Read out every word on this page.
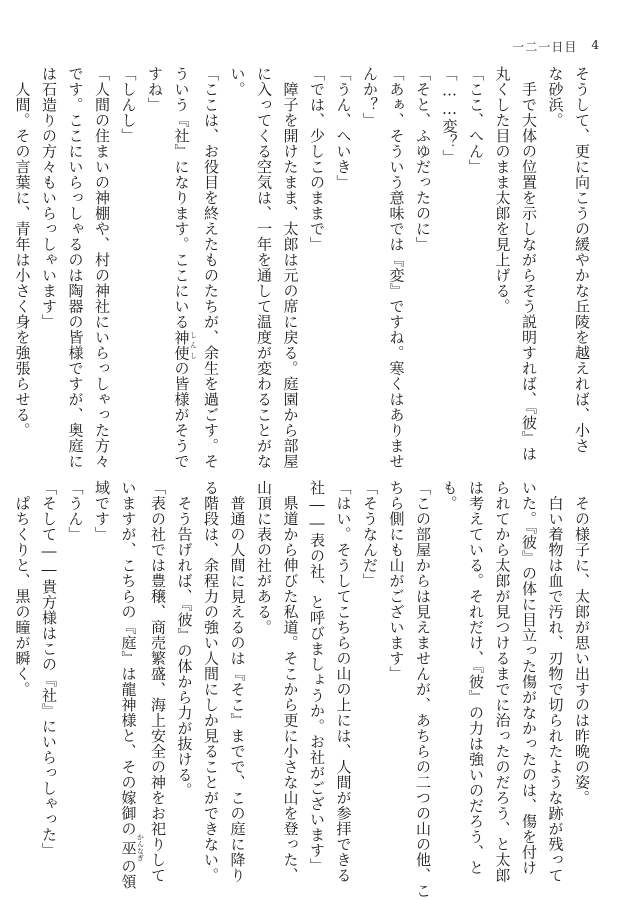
一二一日目 4
そうして、更に向こうの緩やかな丘陵を越えれば、小さ
な砂浜。
　手で大体の位置を示しながらそう説明すれば、『彼』は
丸くした目のまま太郎を見上げる。
「ここ、へん」
「……変？」
「そと、ふゆだったのに」
「あぁ、そういう意味では『変』ですね。寒くはありませ
んか？」
「うん、へいき」
「では、少しこのままで」
　障子を開けたまま、太郎は元の席に戻る。庭園から部屋
に入ってくる空気は、一年を通して温度が変わることがな
い。
「ここは、お役目を終えたものたちが、余生を過ごす。そ
ういう『社』になります。ここにいる神使 しんしの皆様がそうで
すね」
「しんし」
「人間の住まいの神棚や、村の神社にいらっしゃった方々
です。ここにいらっしゃるのは陶器の皆様ですが、奥庭に
は石造りの方々もいらっしゃいます」
　人間。その言葉に、青年は小さく身を強張らせる。
　その様子に、太郎が思い出すのは昨晩の姿。
　白い着物は血で汚れ、刃物で切られたような跡が残って
いた。『彼』の体に目立った傷がなかったのは、傷を付け
られてから太郎が見つけるまでに治ったのだろう、と太郎
は考えている。それだけ、『彼』の力は強いのだろう、と
も。
「この部屋からは見えませんが、あちらの二つの山の他、こ
ちら側にも山がございます」
「そうなんだ」
「はい。そうしてこちらの山の上には、人間が参拝できる
社――表の社、と呼びましょうか。お社がございます」
　県道から伸びた私道。そこから更に小さな山を登った、
山頂に表の社がある。
　普通の人間に見えるのは『そこ』までで、この庭に降り
る階段は、余程力の強い人間にしか見ることができない。
　そう告げれば、『彼』の体から力が抜ける。
「表の社では豊穣、商売繁盛、海上安全の神をお祀りして
いますが、こちらの『庭』は龍神様と、その嫁御の巫 かんなぎの領
域です」
「うん」
「そして――貴方様はこの『社』にいらっしゃった」
　ぱちくりと、黒の瞳が瞬く。
